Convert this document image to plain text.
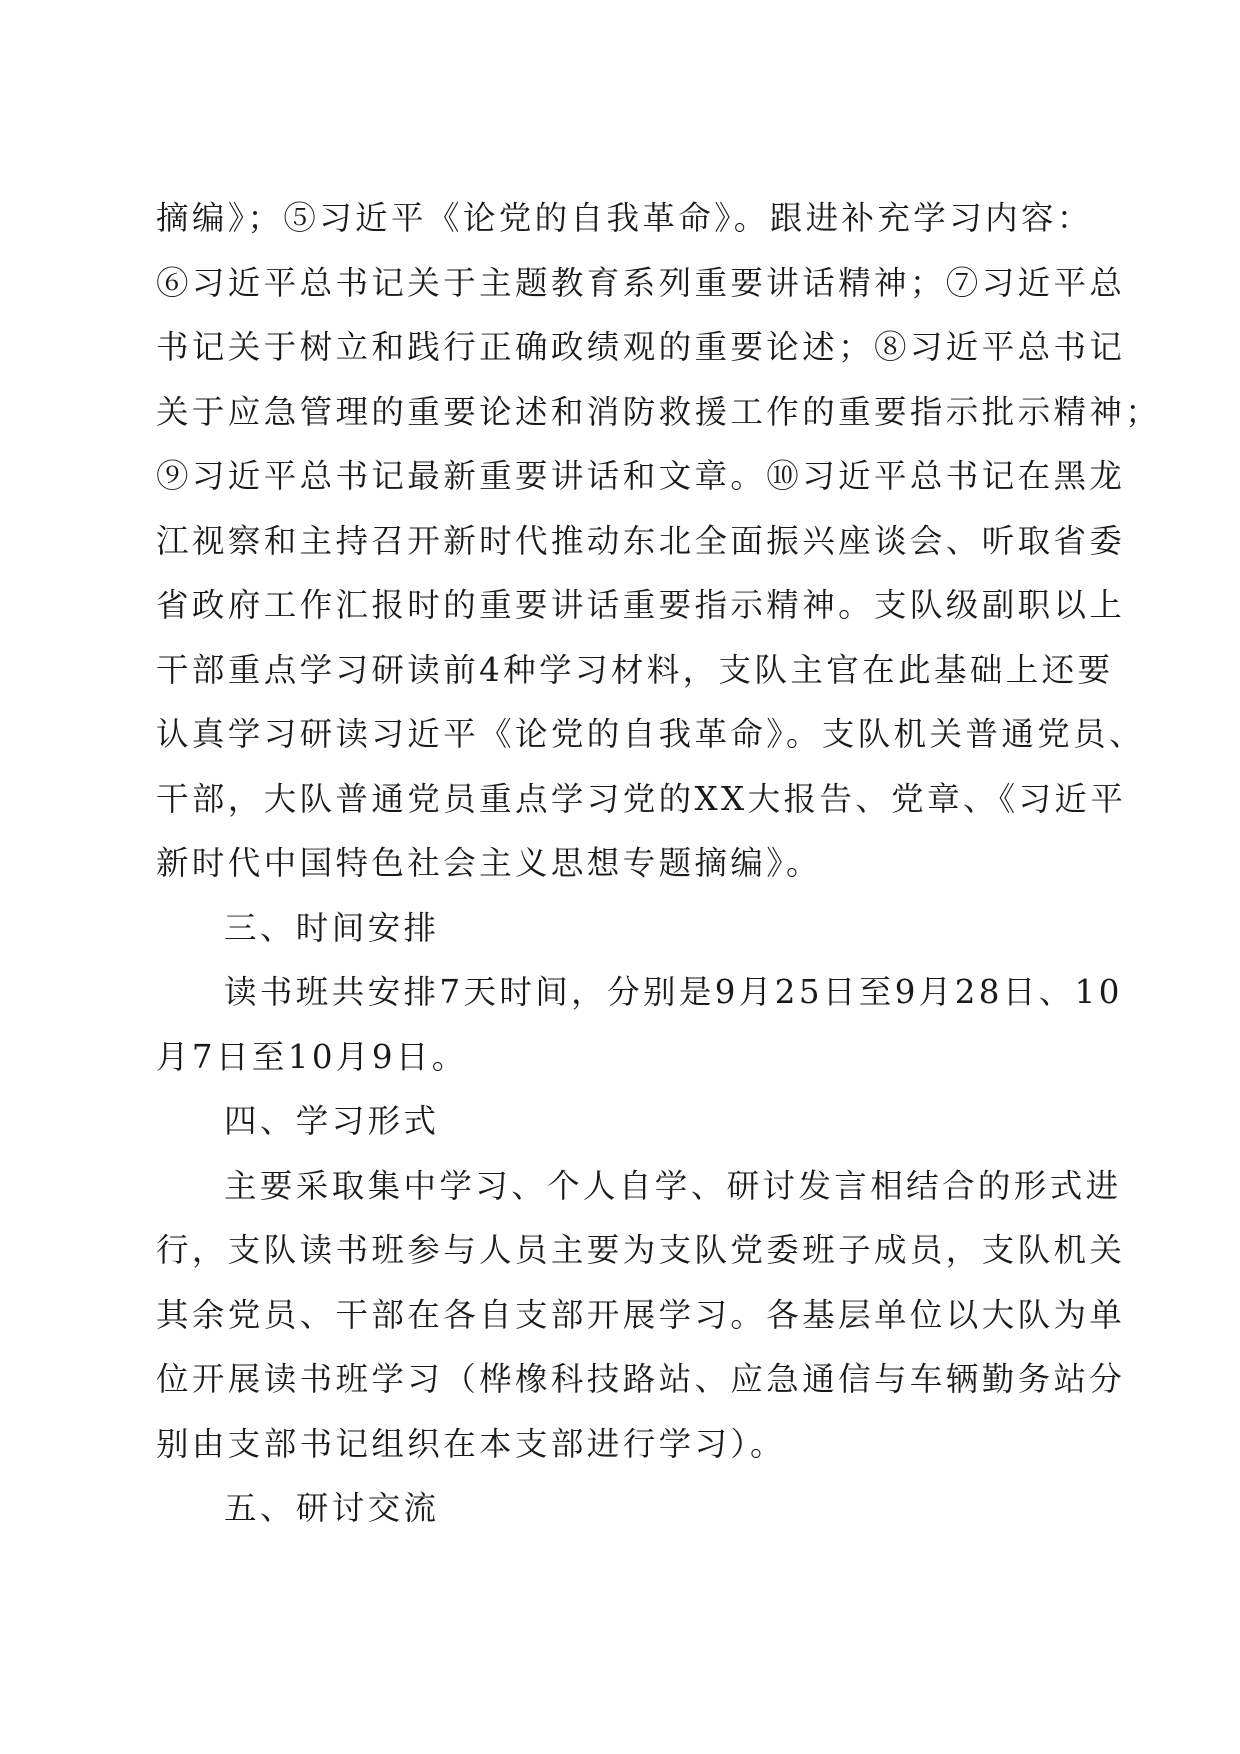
摘编》；⑤习近平《论党的自我革命》。跟进补充学习内容：
⑥习近平总书记关于主题教育系列重要讲话精神；⑦习近平总
书记关于树立和践行正确政绩观的重要论述；⑧习近平总书记
关于应急管理的重要论述和消防救援工作的重要指示批示精神；
⑨习近平总书记最新重要讲话和文章。⑩习近平总书记在黑龙
江视察和主持召开新时代推动东北全面振兴座谈会、听取省委
省政府工作汇报时的重要讲话重要指示精神。支队级副职以上
干部重点学习研读前4种学习材料，支队主官在此基础上还要
认真学习研读习近平《论党的自我革命》。支队机关普通党员、
干部，大队普通党员重点学习党的XX大报告、党章、《习近平
新时代中国特色社会主义思想专题摘编》。
三、时间安排
读书班共安排7天时间，分别是9月25日至9月28日、10
月7日至10月9日。
四、学习形式
主要采取集中学习、个人自学、研讨发言相结合的形式进
行，支队读书班参与人员主要为支队党委班子成员，支队机关
其余党员、干部在各自支部开展学习。各基层单位以大队为单
位开展读书班学习（桦橡科技路站、应急通信与车辆勤务站分
别由支部书记组织在本支部进行学习）。
五、研讨交流
